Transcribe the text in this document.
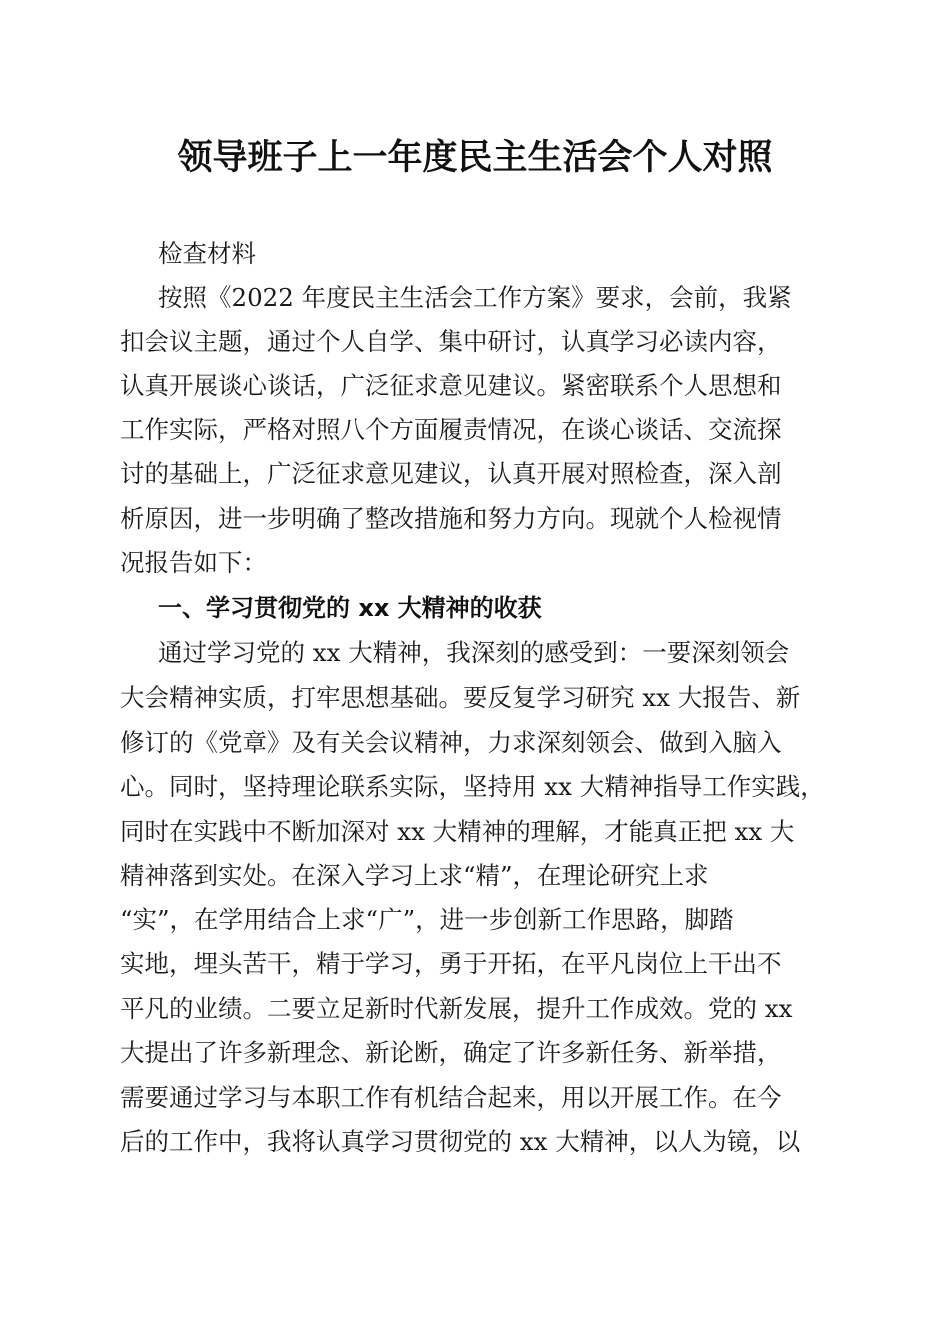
领导班子上一年度民主生活会个人对照
检查材料
按照《2022 年度民主生活会工作方案》要求，会前，我紧
扣会议主题，通过个人自学、集中研讨，认真学习必读内容，
认真开展谈心谈话，广泛征求意见建议。紧密联系个人思想和
工作实际，严格对照八个方面履责情况，在谈心谈话、交流探
讨的基础上，广泛征求意见建议，认真开展对照检查，深入剖
析原因，进一步明确了整改措施和努力方向。现就个人检视情
况报告如下：
一、学习贯彻党的 xx 大精神的收获
通过学习党的 xx 大精神，我深刻的感受到：一要深刻领会
大会精神实质，打牢思想基础。要反复学习研究 xx 大报告、新
修订的《党章》及有关会议精神，力求深刻领会、做到入脑入
心。同时，坚持理论联系实际，坚持用 xx 大精神指导工作实践，
同时在实践中不断加深对 xx 大精神的理解，才能真正把 xx 大
精神落到实处。在深入学习上求“精”，在理论研究上求
“实”，在学用结合上求“广”，进一步创新工作思路，脚踏
实地，埋头苦干，精于学习，勇于开拓，在平凡岗位上干出不
平凡的业绩。二要立足新时代新发展，提升工作成效。党的 xx
大提出了许多新理念、新论断，确定了许多新任务、新举措，
需要通过学习与本职工作有机结合起来，用以开展工作。在今
后的工作中，我将认真学习贯彻党的 xx 大精神，以人为镜，以
